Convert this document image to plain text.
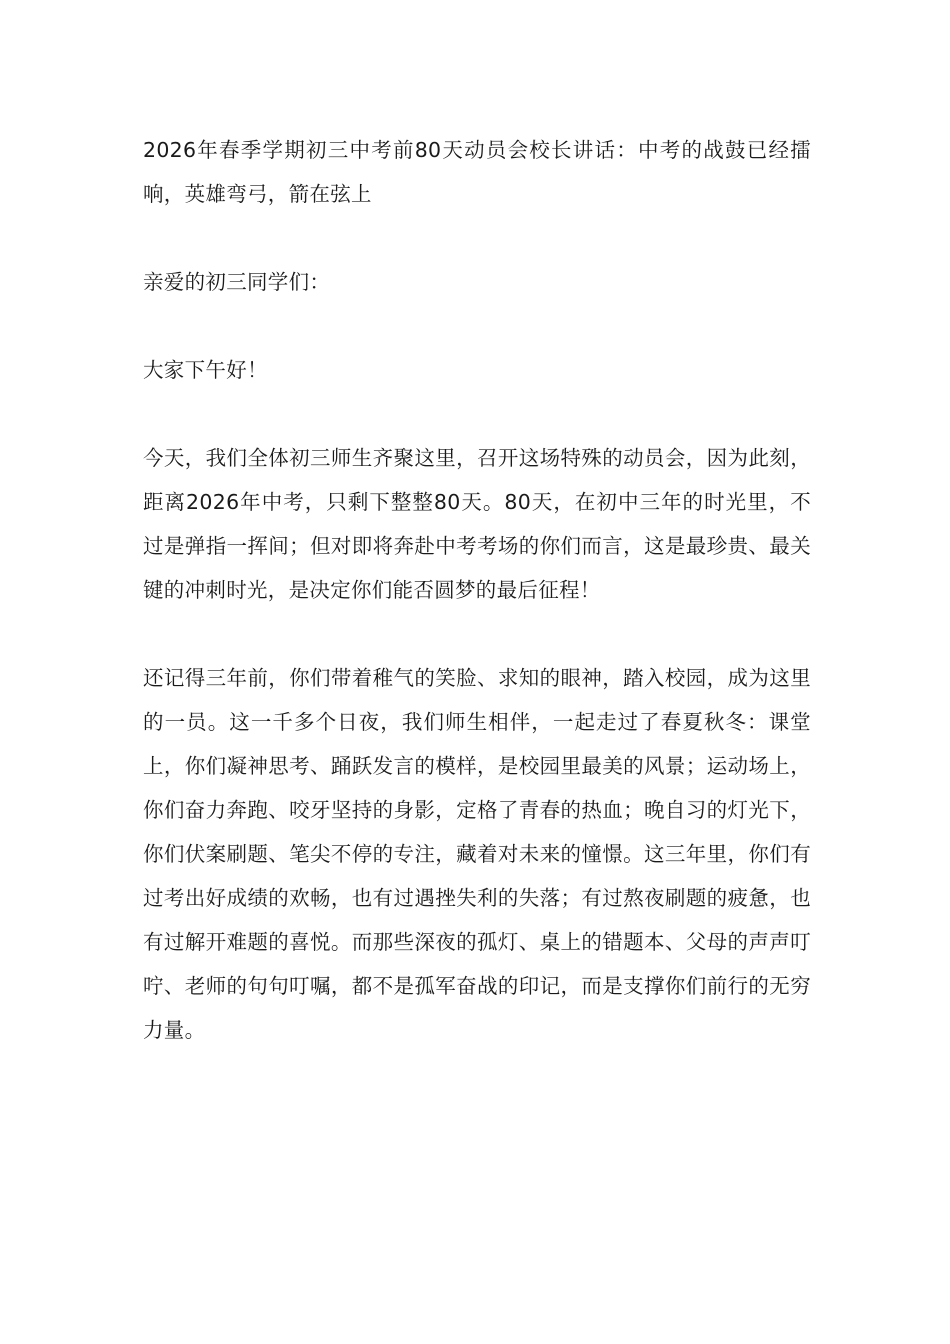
2026年春季学期初三中考前80天动员会校长讲话：中考的战鼓已经擂响，英雄弯弓，箭在弦上

亲爱的初三同学们：

大家下午好！

今天，我们全体初三师生齐聚这里，召开这场特殊的动员会，因为此刻，距离2026年中考，只剩下整整80天。80天，在初中三年的时光里，不过是弹指一挥间；但对即将奔赴中考考场的你们而言，这是最珍贵、最关键的冲刺时光，是决定你们能否圆梦的最后征程！

还记得三年前，你们带着稚气的笑脸、求知的眼神，踏入校园，成为这里的一员。这一千多个日夜，我们师生相伴，一起走过了春夏秋冬：课堂上，你们凝神思考、踊跃发言的模样，是校园里最美的风景；运动场上，你们奋力奔跑、咬牙坚持的身影，定格了青春的热血；晚自习的灯光下，你们伏案刷题、笔尖不停的专注，藏着对未来的憧憬。这三年里，你们有过考出好成绩的欢畅，也有过遇挫失利的失落；有过熬夜刷题的疲惫，也有过解开难题的喜悦。而那些深夜的孤灯、桌上的错题本、父母的声声叮咛、老师的句句叮嘱，都不是孤军奋战的印记，而是支撑你们前行的无穷力量。
